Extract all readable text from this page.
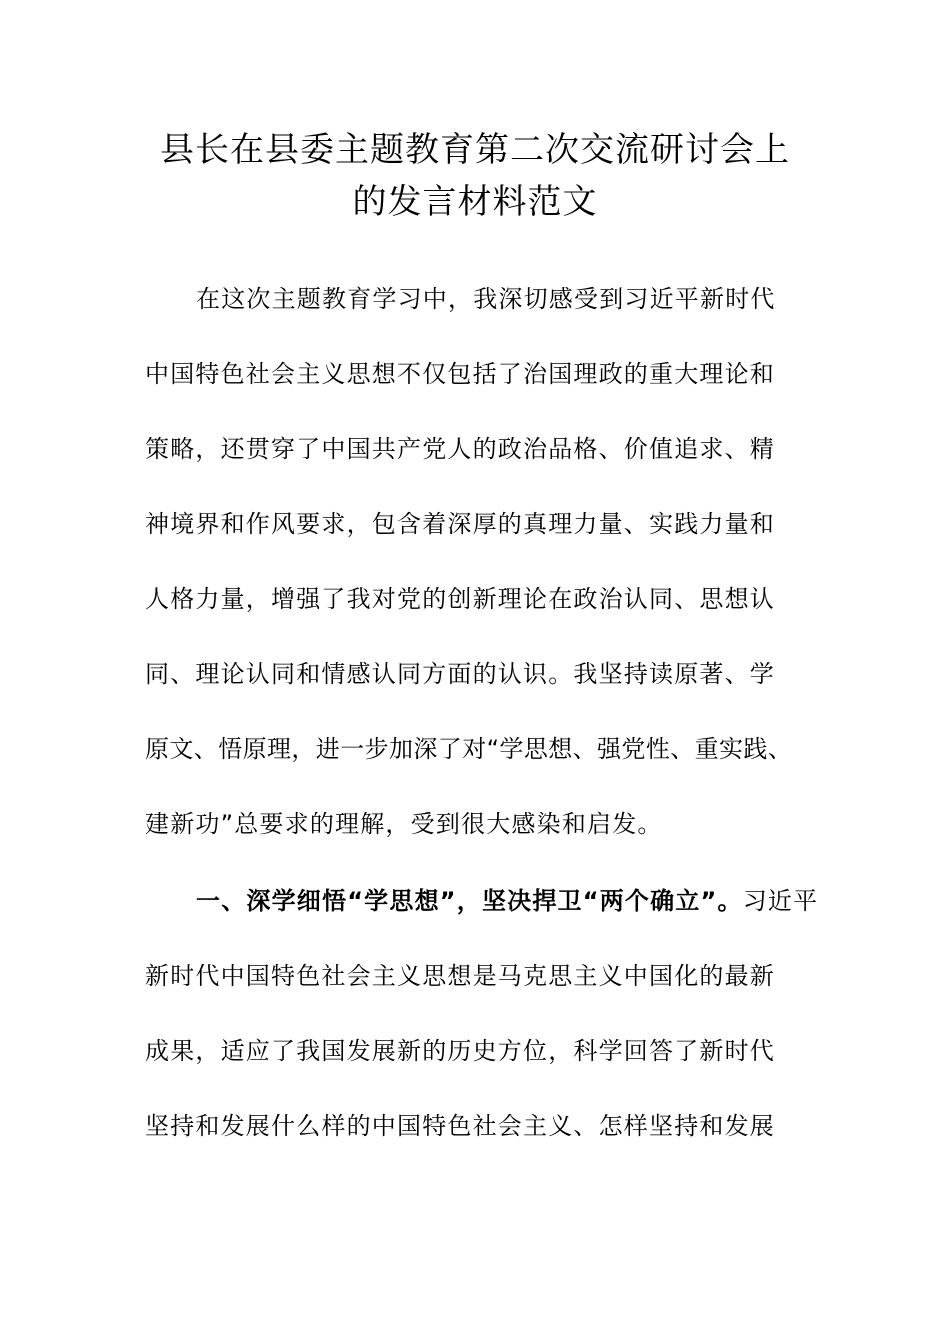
县长在县委主题教育第二次交流研讨会上
的发言材料范文
在这次主题教育学习中，我深切感受到习近平新时代
中国特色社会主义思想不仅包括了治国理政的重大理论和
策略，还贯穿了中国共产党人的政治品格、价值追求、精
神境界和作风要求，包含着深厚的真理力量、实践力量和
人格力量，增强了我对党的创新理论在政治认同、思想认
同、理论认同和情感认同方面的认识。我坚持读原著、学
原文、悟原理，进一步加深了对“学思想、强党性、重实践、
建新功”总要求的理解，受到很大感染和启发。
一、深学细悟“学思想”，坚决捍卫“两个确立”。习近平
新时代中国特色社会主义思想是马克思主义中国化的最新
成果，适应了我国发展新的历史方位，科学回答了新时代
坚持和发展什么样的中国特色社会主义、怎样坚持和发展
